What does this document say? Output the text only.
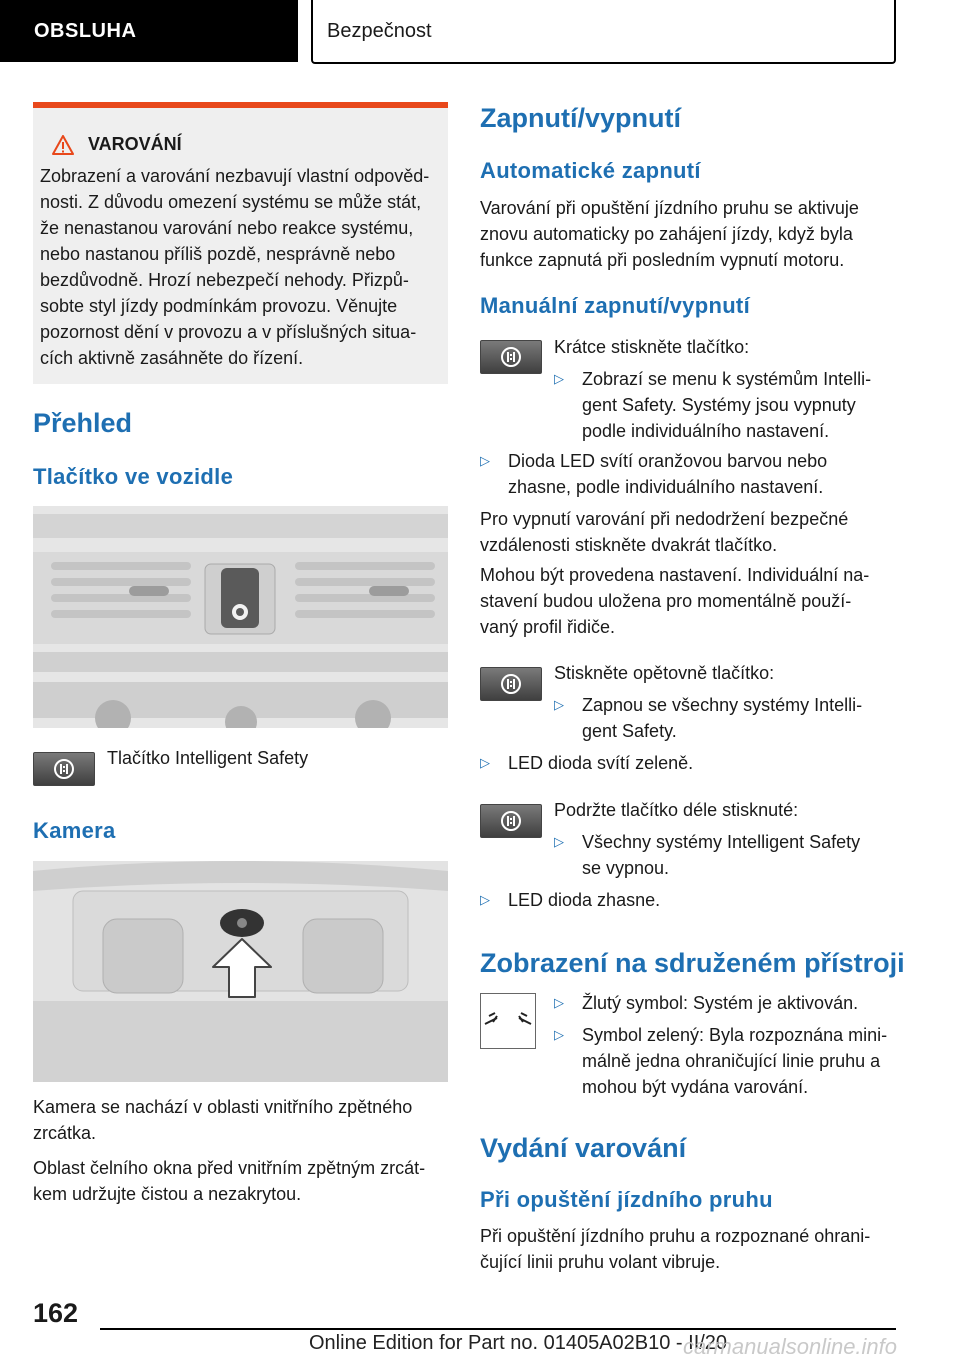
OBSLUHA	Bezpečnost
VAROVÁNÍ
Zobrazení a varování nezbavují vlastní odpověd-
nosti. Z důvodu omezení systému se může stát,
že nenastanou varování nebo reakce systému,
nebo nastanou příliš pozdě, nesprávně nebo
bezdůvodně. Hrozí nebezpečí nehody. Přizpů-
sobte styl jízdy podmínkám provozu. Věnujte
pozornost dění v provozu a v příslušných situa-
cích aktivně zasáhněte do řízení.
Přehled
Tlačítko ve vozidle
Tlačítko Intelligent Safety
Kamera
Kamera se nachází v oblasti vnitřního zpětného
zrcátka.
Oblast čelního okna před vnitřním zpětným zrcát-
kem udržujte čistou a nezakrytou.
Zapnutí/vypnutí
Automatické zapnutí
Varování při opuštění jízdního pruhu se aktivuje
znovu automaticky po zahájení jízdy, když byla
funkce zapnutá při posledním vypnutí motoru.
Manuální zapnutí/vypnutí
Krátce stiskněte tlačítko:
▷ Zobrazí se menu k systémům Intelli-
gent Safety. Systémy jsou vypnuty
podle individuálního nastavení.
▷ Dioda LED svítí oranžovou barvou nebo
zhasne, podle individuálního nastavení.
Pro vypnutí varování při nedodržení bezpečné
vzdálenosti stiskněte dvakrát tlačítko.
Mohou být provedena nastavení. Individuální na-
stavení budou uložena pro momentálně použí-
vaný profil řidiče.
Stiskněte opětovně tlačítko:
▷ Zapnou se všechny systémy Intelli-
gent Safety.
▷ LED dioda svítí zeleně.
Podržte tlačítko déle stisknuté:
▷ Všechny systémy Intelligent Safety
se vypnou.
▷ LED dioda zhasne.
Zobrazení na sdruženém přístroji
▷ Žlutý symbol: Systém je aktivován.
▷ Symbol zelený: Byla rozpoznána mini-
málně jedna ohraničující linie pruhu a
mohou být vydána varování.
Vydání varování
Při opuštění jízdního pruhu
Při opuštění jízdního pruhu a rozpoznané ohrani-
čující linii pruhu volant vibruje.
162
Online Edition for Part no. 01405A02B10 - II/20
carmanualsonline.info
